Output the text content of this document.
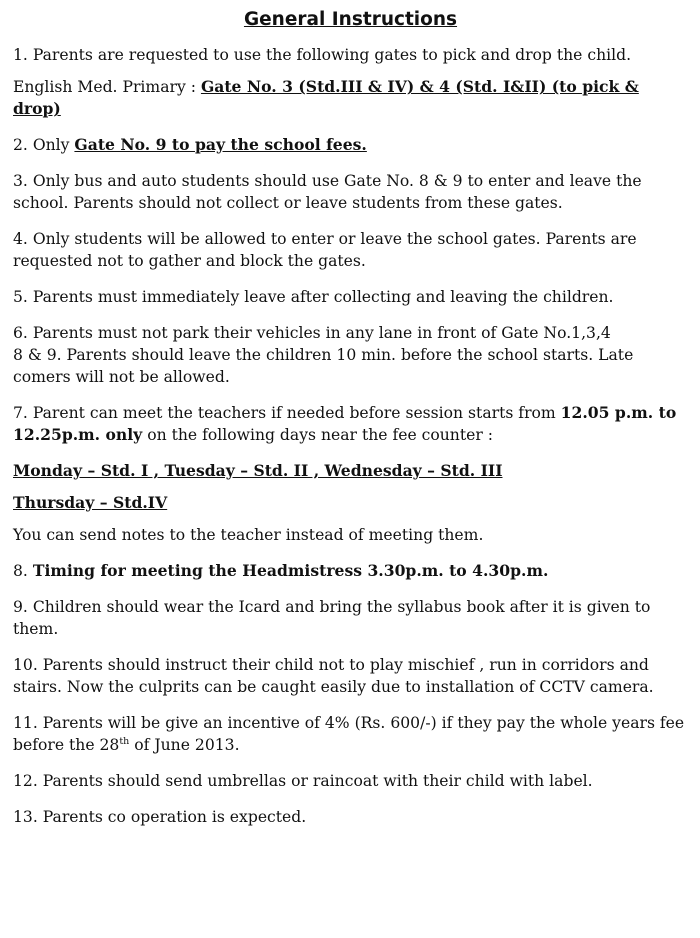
General Instructions

1. Parents are requested to use the following gates to pick and drop the child.

English Med. Primary : Gate No. 3 (Std.III & IV) & 4 (Std. I&II) (to pick & drop)

2. Only Gate No. 9 to pay the school fees.

3. Only bus and auto students should use Gate No. 8 & 9 to enter and leave the school. Parents should not collect or leave students from these gates.

4. Only students will be allowed to enter or leave the school gates. Parents are requested not to gather and block the gates.

5. Parents must immediately leave after collecting and leaving the children.

6. Parents must not park their vehicles in any lane in front of Gate No.1,3,4
8 & 9. Parents should leave the children 10 min. before the school starts. Late comers will not be allowed.

7. Parent can meet the teachers if needed before session starts from 12.05 p.m. to 12.25p.m. only on the following days near the fee counter :

Monday – Std. I , Tuesday – Std. II , Wednesday – Std. III

Thursday – Std.IV

You can send notes to the teacher instead of meeting them.

8. Timing for meeting the Headmistress 3.30p.m. to 4.30p.m.

9. Children should wear the Icard and bring the syllabus book after it is given to them.

10. Parents should instruct their child not to play mischief , run in corridors and stairs. Now the culprits can be caught easily due to installation of CCTV camera.

11. Parents will be give an incentive of 4% (Rs. 600/-) if they pay the whole years fee before the 28th of June 2013.

12. Parents should send umbrellas or raincoat with their child with label.

13. Parents co operation is expected.
